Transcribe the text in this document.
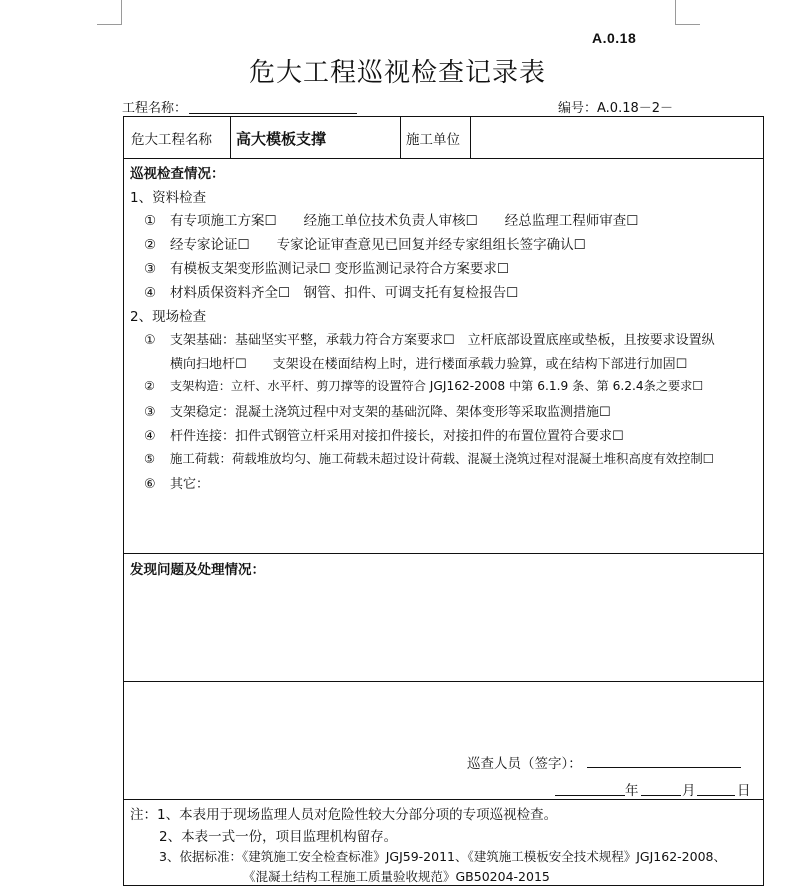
A.0.18
危大工程巡视检查记录表
工程名称：	编号：A.0.18－2－
危大工程名称 高大模板支撑	施工单位
巡视检查情况：
1、资料检查
① 有专项施工方案☐　　经施工单位技术负责人审核☐　　经总监理工程师审查☐
② 经专家论证☐　　专家论证审查意见已回复并经专家组组长签字确认☐
③ 有模板支架变形监测记录☐ 变形监测记录符合方案要求☐
④ 材料质保资料齐全☐　钢管、扣件、可调支托有复检报告☐
2、现场检查
① 支架基础：基础坚实平整，承载力符合方案要求☐　立杆底部设置底座或垫板，且按要求设置纵
横向扫地杆☐　　支架设在楼面结构上时，进行楼面承载力验算，或在结构下部进行加固☐
② 支架构造：立杆、水平杆、剪刀撑等的设置符合 JGJ162-2008 中第 6.1.9 条、第 6.2.4条之要求☐
③ 支架稳定：混凝土浇筑过程中对支架的基础沉降、架体变形等采取监测措施☐
④ 杆件连接：扣件式钢管立杆采用对接扣件接长，对接扣件的布置位置符合要求☐
⑤ 施工荷载：荷载堆放均匀、施工荷载未超过设计荷载、混凝土浇筑过程对混凝土堆积高度有效控制☐
⑥ 其它：
发现问题及处理情况：
巡查人员（签字）：
年	月	日
注：1、本表用于现场监理人员对危险性较大分部分项的专项巡视检查。
2、本表一式一份，项目监理机构留存。
3、依据标准：《建筑施工安全检查标准》JGJ59-2011、《建筑施工模板安全技术规程》JGJ162-2008、
《混凝土结构工程施工质量验收规范》GB50204-2015
